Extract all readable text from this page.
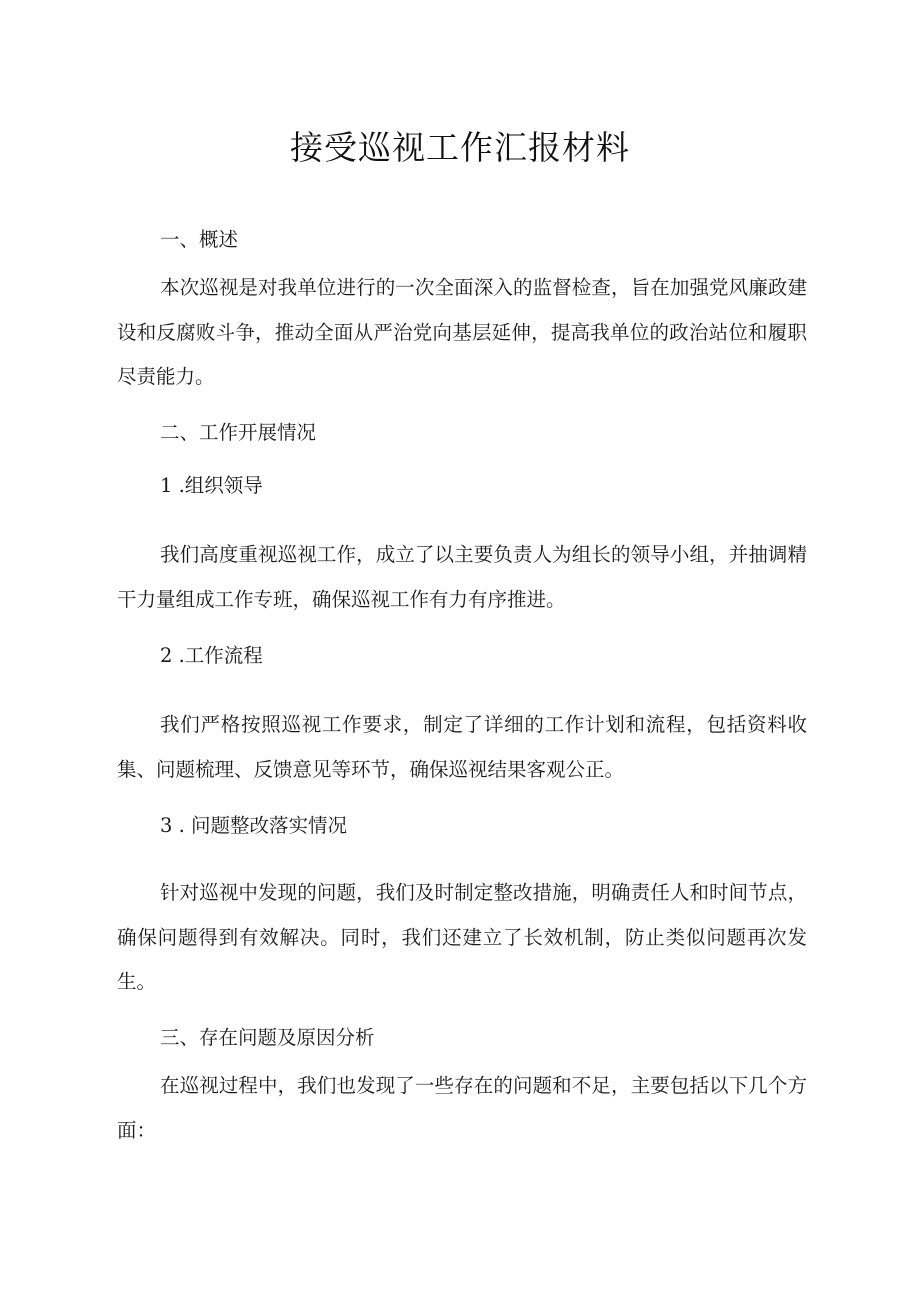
接受巡视工作汇报材料

一、概述

本次巡视是对我单位进行的一次全面深入的监督检查，旨在加强党风廉政建设和反腐败斗争，推动全面从严治党向基层延伸，提高我单位的政治站位和履职尽责能力。

二、工作开展情况

1 .组织领导

我们高度重视巡视工作，成立了以主要负责人为组长的领导小组，并抽调精干力量组成工作专班，确保巡视工作有力有序推进。

2 .工作流程

我们严格按照巡视工作要求，制定了详细的工作计划和流程，包括资料收集、问题梳理、反馈意见等环节，确保巡视结果客观公正。

3 . 问题整改落实情况

针对巡视中发现的问题，我们及时制定整改措施，明确责任人和时间节点，确保问题得到有效解决。同时，我们还建立了长效机制，防止类似问题再次发生。

三、存在问题及原因分析

在巡视过程中，我们也发现了一些存在的问题和不足，主要包括以下几个方面：
